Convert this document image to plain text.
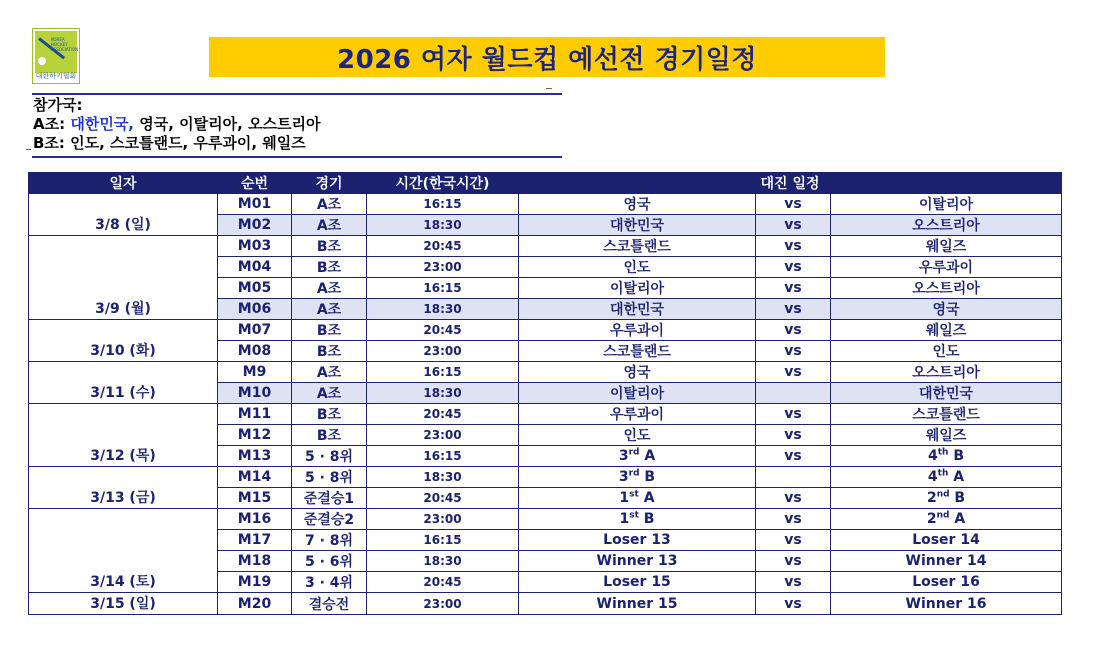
KOREA
HOCKEY
ASSOCIATION
대한하키협회
2026 여자 월드컵 예선전 경기일정
참가국:
A조: 대한민국, 영국, 이탈리아, 오스트리아
B조: 인도, 스코틀랜드, 우루과이, 웨일즈
일자	순번	경기	시간(한국시간)	대진 일정		
3/8 (일)	M01	A조	16:15	영국	vs	이탈리아
	M02	A조	18:30	대한민국	vs	오스트리아
3/9 (월)	M03	B조	20:45	스코틀랜드	vs	웨일즈
	M04	B조	23:00	인도	vs	우루과이
	M05	A조	16:15	이탈리아	vs	오스트리아
	M06	A조	18:30	대한민국	vs	영국
3/10 (화)	M07	B조	20:45	우루과이	vs	웨일즈
	M08	B조	23:00	스코틀랜드	vs	인도
3/11 (수)	M9	A조	16:15	영국	vs	오스트리아
	M10	A조	18:30	이탈리아		대한민국
3/12 (목)	M11	B조	20:45	우루과이	vs	스코틀랜드
	M12	B조	23:00	인도	vs	웨일즈
	M13	5 · 8위	16:15	3rd A	vs	4th B
3/13 (금)	M14	5 · 8위	18:30	3rd B		4th A
	M15	준결승1	20:45	1st A	vs	2nd B
3/14 (토)	M16	준결승2	23:00	1st B	vs	2nd A
	M17	7 · 8위	16:15	Loser 13	vs	Loser 14
	M18	5 · 6위	18:30	Winner 13	vs	Winner 14
	M19	3 · 4위	20:45	Loser 15	vs	Loser 16
3/15 (일)	M20	결승전	23:00	Winner 15	vs	Winner 16
